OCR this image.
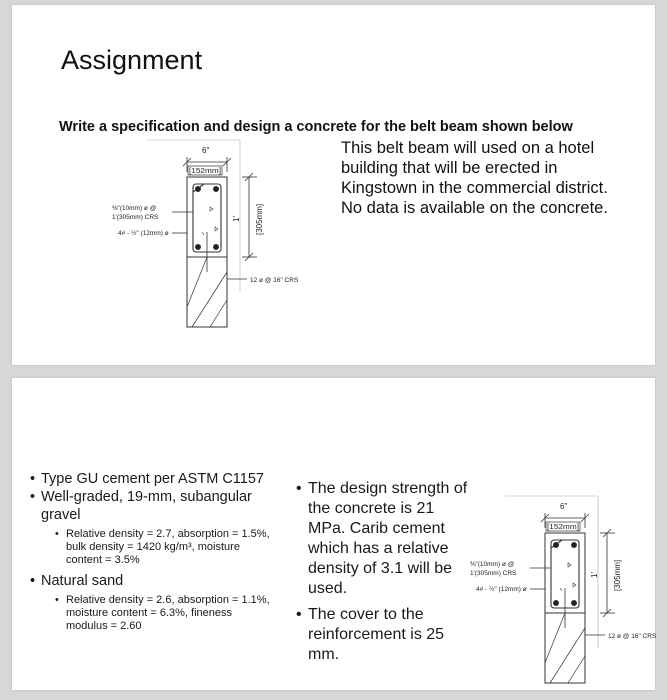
Assignment
Write a specification and design a concrete for the belt beam shown below
6"
[152mm]
1' [305mm]
⅜"(10mm) ø @
1'(305mm) CRS
4# - ½" (12mm) ø
12 ø @ 16" CRS
This belt beam will used on a hotel building that will be erected in Kingstown in the commercial district. No data is available on the concrete.
• Type GU cement per ASTM C1157
• Well-graded, 19-mm, subangular gravel
• Relative density = 2.7, absorption = 1.5%, bulk density = 1420 kg/m³, moisture content = 3.5%
• Natural sand
• Relative density = 2.6, absorption = 1.1%, moisture content = 6.3%, fineness modulus = 2.60
• The design strength of the concrete is 21 MPa. Carib cement which has a relative density of 3.1 will be used.
• The cover to the reinforcement is 25 mm.
6"
[152mm]
1' [305mm]
⅜"(10mm) ø @
1'(305mm) CRS
4# - ½" (12mm) ø
12 ø @ 16" CRS
